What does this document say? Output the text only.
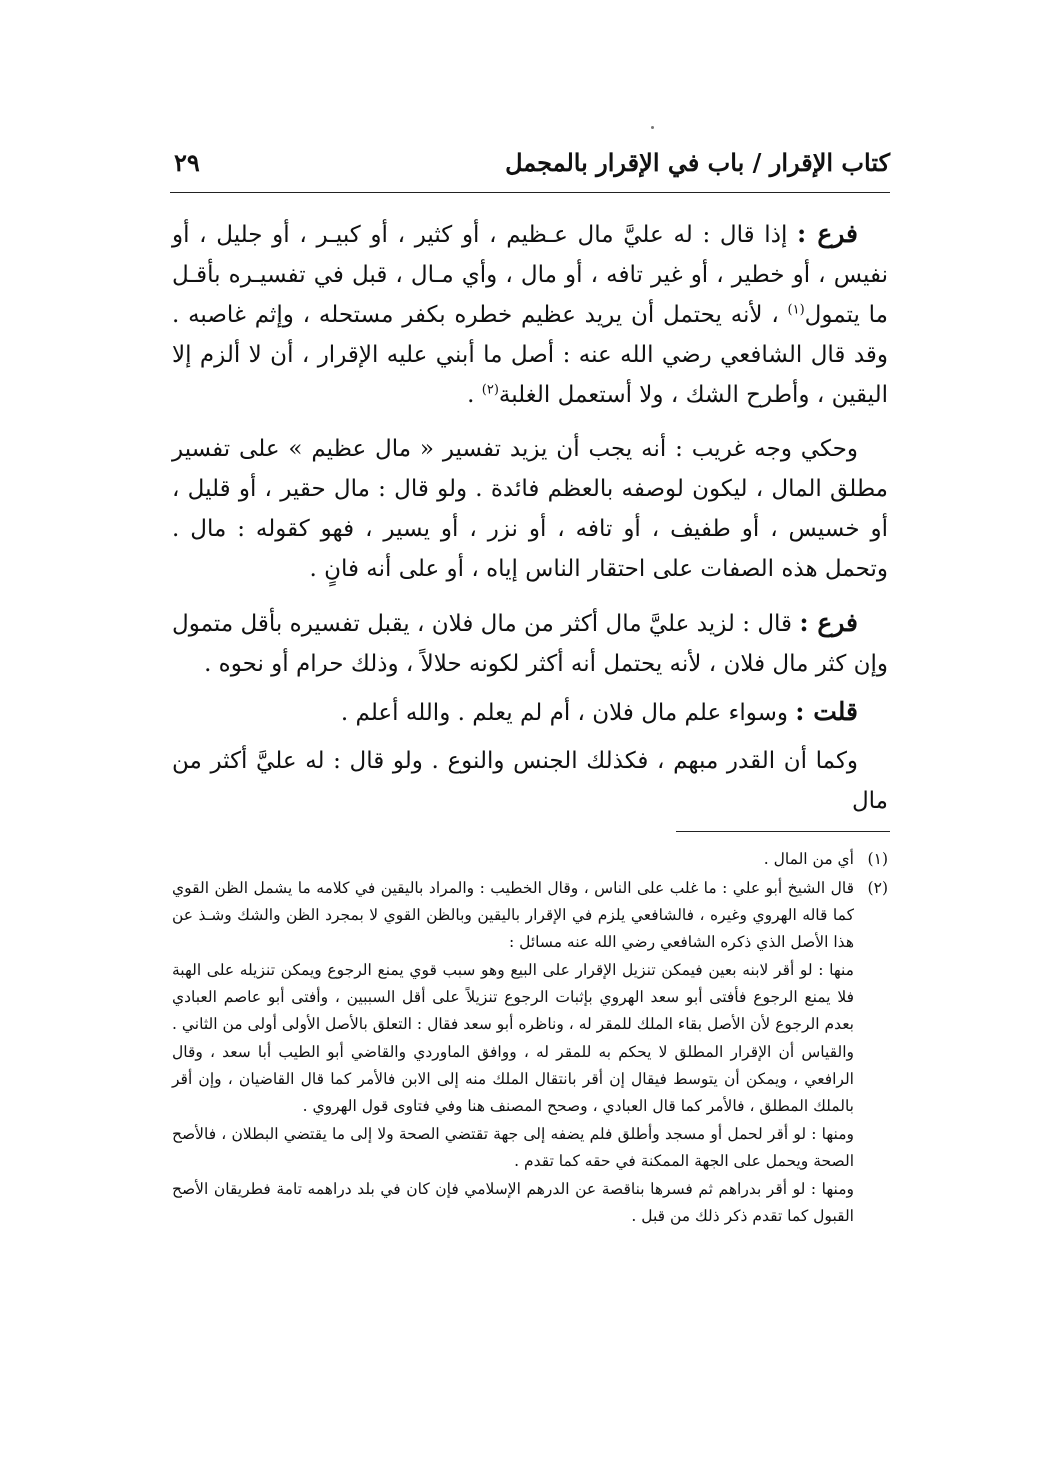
كتاب الإقرار / باب في الإقرار بالمجمل
٢٩

فرع : إذا قال : له عليَّ مال عـظيم ، أو كثير ، أو كبيـر ، أو جليل ، أو نفيس ، أو خطير ، أو غير تافه ، أو مال ، وأي مـال ، قبل في تفسيـره بأقـل ما يتمول$^{(١)}$ ، لأنه يحتمل أن يريد عظيم خطره بكفر مستحله ، وإثم غاصبه . وقد قال الشافعي رضي الله عنه : أصل ما أبني عليه الإقرار ، أن لا ألزم إلا اليقين ، وأطرح الشك ، ولا أستعمل الغلبة$^{(٢)}$ .

وحكي وجه غريب : أنه يجب أن يزيد تفسير « مال عظيم » على تفسير مطلق المال ، ليكون لوصفه بالعظم فائدة . ولو قال : مال حقير ، أو قليل ، أو خسيس ، أو طفيف ، أو تافه ، أو نزر ، أو يسير ، فهو كقوله : مال . وتحمل هذه الصفات على احتقار الناس إياه ، أو على أنه فانٍ .

فرع : قال : لزيد عليَّ مال أكثر من مال فلان ، يقبل تفسيره بأقل متمول وإن كثر مال فلان ، لأنه يحتمل أنه أكثر لكونه حلالاً ، وذلك حرام أو نحوه .

قلت : وسواء علم مال فلان ، أم لم يعلم . والله أعلم .

وكما أن القدر مبهم ، فكذلك الجنس والنوع . ولو قال : له عليَّ أكثر من مال

(١)

أي من المال .

(٢)

قال الشيخ أبو علي : ما غلب على الناس ، وقال الخطيب : والمراد باليقين في كلامه ما يشمل الظن القوي كما قاله الهروي وغيره ، فالشافعي يلزم في الإقرار باليقين وبالظن القوي لا بمجرد الظن والشك وشـذ عن هذا الأصل الذي ذكره الشافعي رضي الله عنه مسائل :

منها : لو أقر لابنه بعين فيمكن تنزيل الإقرار على البيع وهو سبب قوي يمنع الرجوع ويمكن تنزيله على الهبة فلا يمنع الرجوع فأفتى أبو سعد الهروي بإثبات الرجوع تنزيلاً على أقل السببين ، وأفتى أبو عاصم العبادي بعدم الرجوع لأن الأصل بقاء الملك للمقر له ، وناظره أبو سعد فقال : التعلق بالأصل الأولى أولى من الثاني .

والقياس أن الإقرار المطلق لا يحكم به للمقر له ، ووافق الماوردي والقاضي أبو الطيب أبا سعد ، وقال الرافعي ، ويمكن أن يتوسط فيقال إن أقر بانتقال الملك منه إلى الابن فالأمر كما قال القاضيان ، وإن أقر بالملك المطلق ، فالأمر كما قال العبادي ، وصحح المصنف هنا وفي فتاوى قول الهروي .

ومنها : لو أقر لحمل أو مسجد وأطلق فلم يضفه إلى جهة تقتضي الصحة ولا إلى ما يقتضي البطلان ، فالأصح الصحة ويحمل على الجهة الممكنة في حقه كما تقدم .

ومنها : لو أقر بدراهم ثم فسرها بناقصة عن الدرهم الإسلامي فإن كان في بلد دراهمه تامة فطريقان الأصح القبول كما تقدم ذكر ذلك من قبل .
